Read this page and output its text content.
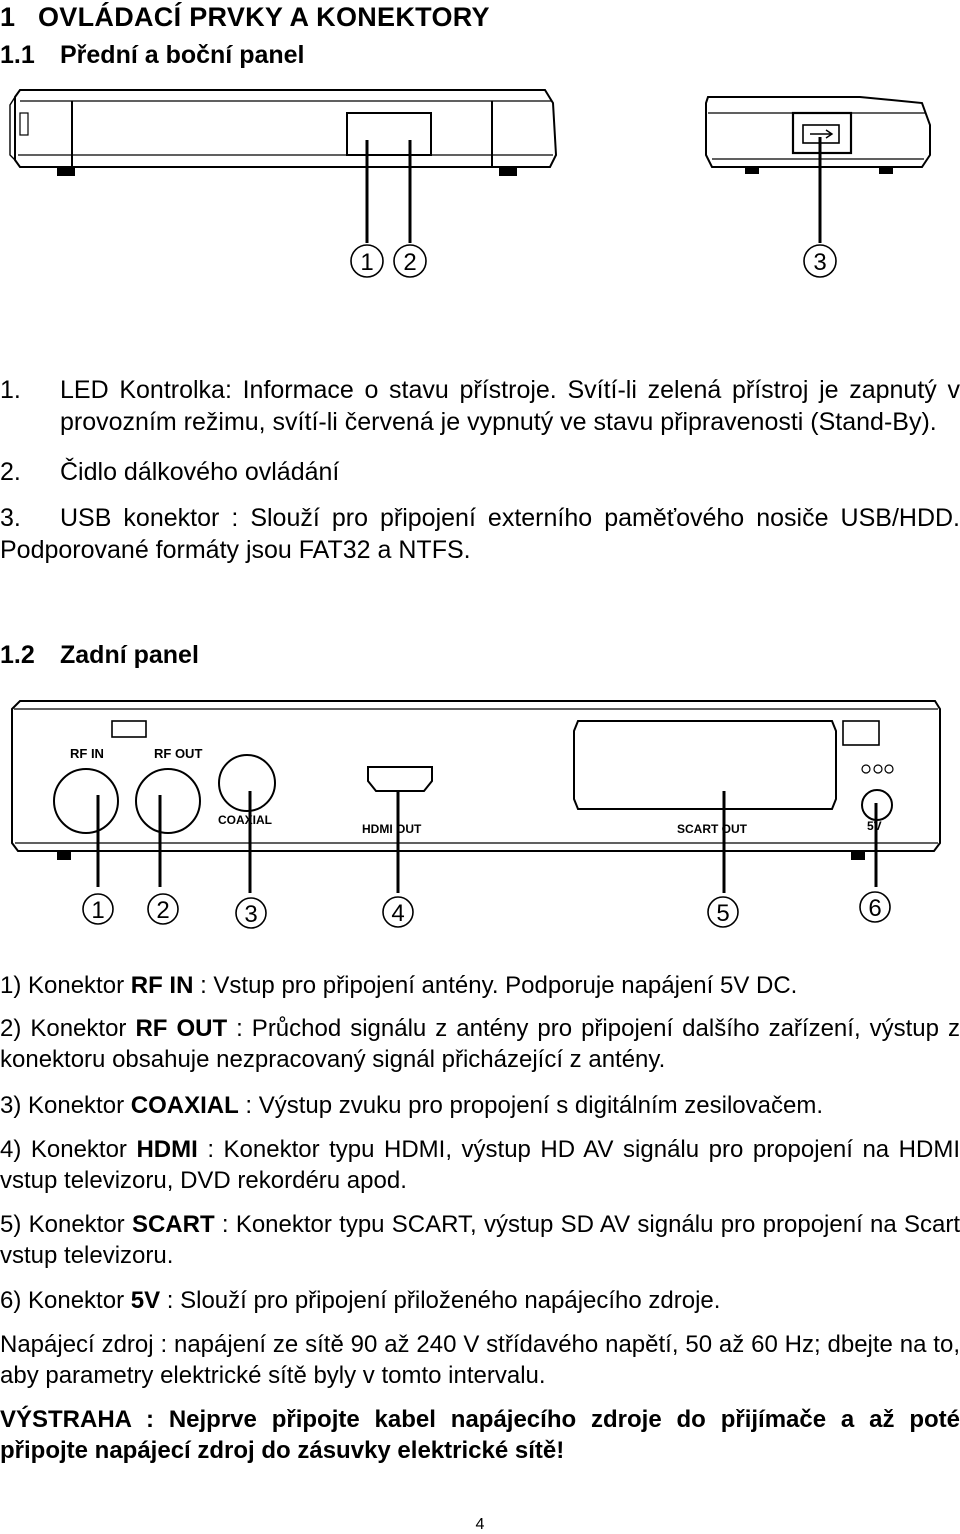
1 OVLÁDACÍ PRVKY A KONEKTORY
1.1 Přední a boční panel
1 2	3
1.	LED Kontrolka: Informace o stavu přístroje. Svítí-li zelená přístroj je zapnutý v provozním režimu, svítí-li červená je vypnutý ve stavu připravenosti (Stand-By).
2.	Čidlo dálkového ovládání
3.	USB konektor : Slouží pro připojení externího paměťového nosiče USB/HDD. Podporované formáty jsou FAT32 a NTFS.
1.2 Zadní panel
RF IN	RF OUT
COAXIAL
HDMI OUT	SCART OUT	5V
1 2	3	4	5	6

1) Konektor RF IN : Vstup pro připojení antény. Podporuje napájení 5V DC.

2) Konektor RF OUT : Průchod signálu z antény pro připojení dalšího zařízení, výstup z konektoru obsahuje nezpracovaný signál přicházející z antény.

3) Konektor COAXIAL : Výstup zvuku pro propojení s digitálním zesilovačem.

4) Konektor HDMI : Konektor typu HDMI, výstup HD AV signálu pro propojení na HDMI vstup televizoru, DVD rekordéru apod.

5) Konektor SCART : Konektor typu SCART, výstup SD AV signálu pro propojení na Scart vstup televizoru.

6) Konektor 5V : Slouží pro připojení přiloženého napájecího zdroje.

Napájecí zdroj : napájení ze sítě 90 až 240 V střídavého napětí, 50 až 60 Hz; dbejte na to, aby parametry elektrické sítě byly v tomto intervalu.

VÝSTRAHA : Nejprve připojte kabel napájecího zdroje do přijímače a až poté připojte napájecí zdroj do zásuvky elektrické sítě!

4
